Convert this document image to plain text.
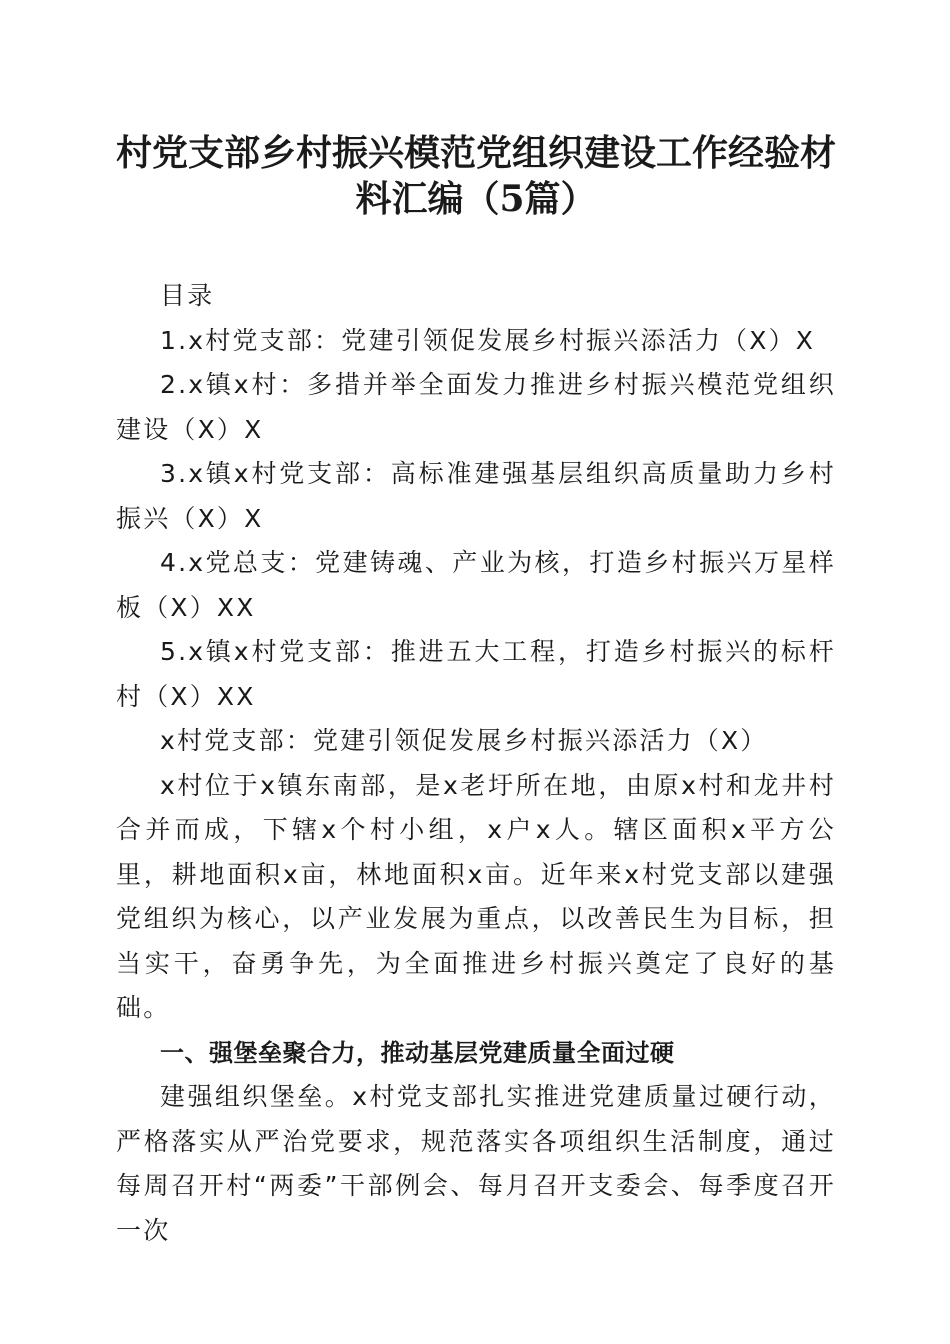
村党支部乡村振兴模范党组织建设工作经验材
料汇编（5篇）

目录

1.x村党支部：党建引领促发展乡村振兴添活力（X）X

2.x镇x村：多措并举全面发力推进乡村振兴模范党组织建设（X）X

3.x镇x村党支部：高标准建强基层组织高质量助力乡村振兴（X）X

4.x党总支：党建铸魂、产业为核，打造乡村振兴万星样板（X）XX

5.x镇x村党支部：推进五大工程，打造乡村振兴的标杆村（X）XX

x村党支部：党建引领促发展乡村振兴添活力（X）

x村位于x镇东南部，是x老圩所在地，由原x村和龙井村合并而成，下辖x个村小组，x户x人。辖区面积x平方公里，耕地面积x亩，林地面积x亩。近年来x村党支部以建强党组织为核心，以产业发展为重点，以改善民生为目标，担当实干，奋勇争先，为全面推进乡村振兴奠定了良好的基础。

一、强堡垒聚合力，推动基层党建质量全面过硬

建强组织堡垒。x村党支部扎实推进党建质量过硬行动，严格落实从严治党要求，规范落实各项组织生活制度，通过每周召开村“两委”干部例会、每月召开支委会、每季度召开一次
